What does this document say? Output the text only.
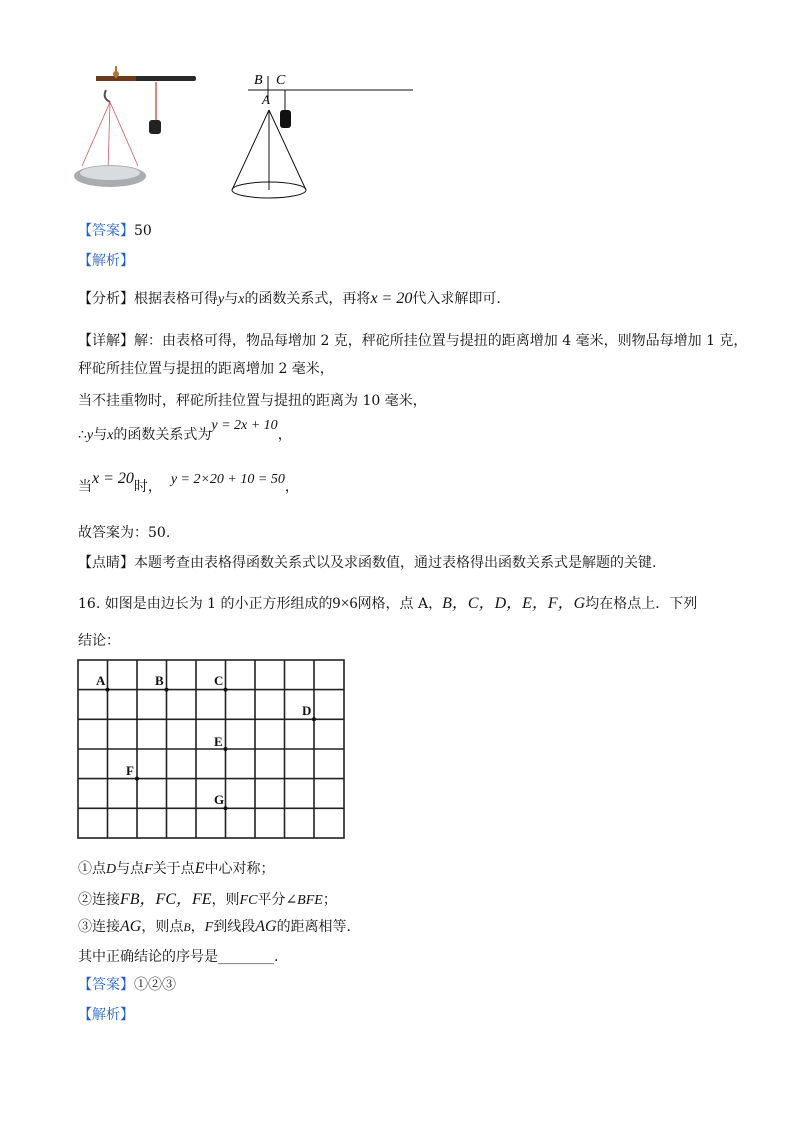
B C
A
【答案】50
【解析】
【分析】根据表格可得y与x的函数关系式，再将x = 20代入求解即可.
【详解】解：由表格可得，物品每增加 2 克，秤砣所挂位置与提扭的距离增加 4 毫米，则物品每增加 1 克，
秤砣所挂位置与提扭的距离增加 2 毫米，
当不挂重物时，秤砣所挂位置与提扭的距离为 10 毫米，
∴y与x的函数关系式为y = 2x + 10，
当x = 20时， y = 2×20 + 10 = 50，
故答案为：50.
【点睛】本题考查由表格得函数关系式以及求函数值，通过表格得出函数关系式是解题的关键.
16. 如图是由边长为 1 的小正方形组成的9×6网格，点 A，B，C，D，E，F，G均在格点上．下列
结论：
A	B	C
D
E
F
G
①点D与点F关于点E中心对称；
②连接FB，FC，FE，则FC平分∠BFE；
③连接AG，则点B，F到线段AG的距离相等.
其中正确结论的序号是________.
【答案】①②③
【解析】
